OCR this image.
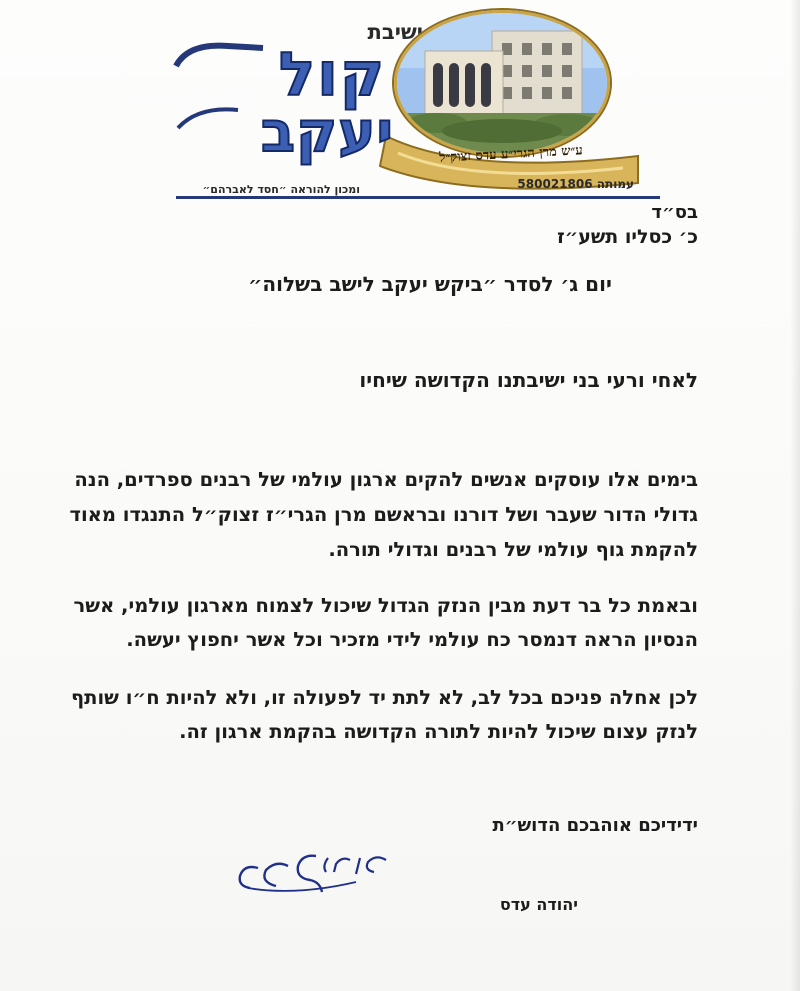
ישיבת
קול
יעקב	ע״ש מרן הגרי״ע עדס זצוק״ל
עמותה 580021806
ומכון להוראה ״חסד לאברהם״
בס״ד
כ׳ כסליו תשע״ז
יום ג׳ לסדר ״ביקש יעקב לישב בשלוה״
לאחי ורעי בני ישיבתנו הקדושה שיחיו
בימים אלו עוסקים אנשים להקים ארגון עולמי של רבנים ספרדים, הנה
גדולי הדור שעבר ושל דורנו ובראשם מרן הגרי״ז זצוק״ל התנגדו מאוד
להקמת גוף עולמי של רבנים וגדולי תורה.
ובאמת כל בר דעת מבין הנזק הגדול שיכול לצמוח מארגון עולמי, אשר
הנסיון הראה דנמסר כח עולמי לידי מזכיר וכל אשר יחפוץ יעשה.
לכן אחלה פניכם בכל לב, לא לתת יד לפעולה זו, ולא להיות ח״ו שותף
לנזק עצום שיכול להיות לתורה הקדושה בהקמת ארגון זה.
ידידיכם אוהבכם הדוש״ת
יהודה עדס
